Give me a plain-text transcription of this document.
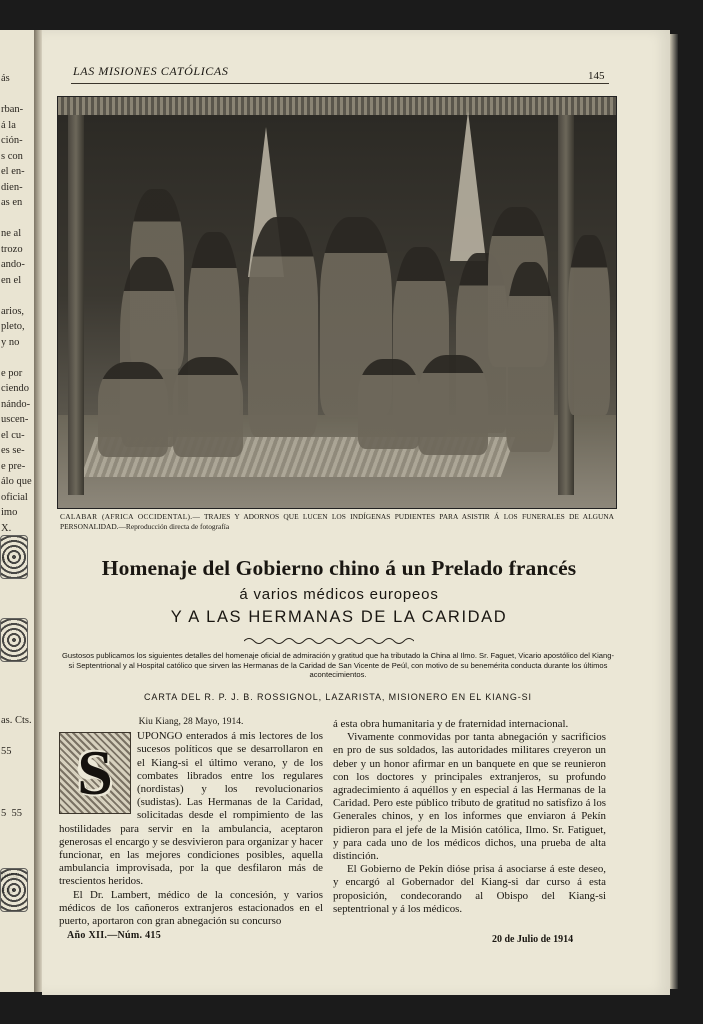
ás
rban-
á la
ción-
s con
el en-
dien-
as en
ne al
trozo
ando-
en el
arios,
pleto,
y no
e por
ciendo
nándo-
uscen-
el cu-
es se-
e pre-
álo que
oficial
imo
X.
as. Cts.
55
5  55
LAS MISIONES CATÓLICAS	145
CALABAR (AFRICA OCCIDENTAL).— TRAJES Y ADORNOS QUE LUCEN LOS INDÍGENAS PUDIENTES PARA ASISTIR Á LOS FUNERALES DE ALGUNA PERSONALIDAD.—Reproducción directa de fotografía
Homenaje del Gobierno chino á un Prelado francés
á varios médicos europeos
Y A LAS HERMANAS DE LA CARIDAD
Gustosos publicamos los siguientes detalles del homenaje oficial de admiración y gratitud que ha tributado la China al Ilmo. Sr. Faguet, Vicario apostólico del Kiang-si Septentrional y al Hospital católico que sirven las Hermanas de la Caridad de San Vicente de Peúl, con motivo de su benemérita conducta durante los últimos acontecimientos.
CARTA DEL R. P. J. B. ROSSIGNOL, LAZARISTA, MISIONERO EN EL KIANG-SI
Kiu Kiang, 28 Mayo, 1914.
S

UPONGO enterados á mis lectores de los sucesos políticos que se desarrollaron en el Kiang-si el último verano, y de los combates librados entre los regulares (nordistas) y los revolucionarios (sudistas). Las Hermanas de la Caridad, solicitadas desde el rompimiento de las hostilidades para servir en la ambulancia, aceptaron generosas el encargo y se desvivieron para organizar y hacer funcionar, en las mejores condiciones posibles, aquella ambulancia improvisada, por la que desfilaron más de trescientos heridos.

El Dr. Lambert, médico de la concesión, y varios médicos de los cañoneros extranjeros estacionados en el puerto, aportaron con gran abnegación su concurso

á esta obra humanitaria y de fraternidad internacional.

Vivamente conmovidas por tanta abnegación y sacrificios en pro de sus soldados, las autoridades militares creyeron un deber y un honor afirmar en un banquete en que se reunieron con los doctores y principales extranjeros, su profundo agradecimiento á aquéllos y en especial á las Hermanas de la Caridad. Pero este público tributo de gratitud no satisfizo á los Generales chinos, y en los informes que enviaron á Pekín pidieron para el jefe de la Misión católica, Ilmo. Sr. Fatiguet, y para cada uno de los médicos dichos, una prueba de alta distinción.

El Gobierno de Pekín dióse prisa á asociarse á este deseo, y encargó al Gobernador del Kiang-si dar curso á esta proposición, condecorando al Obispo del Kiang-si septentrional y á los médicos.

Año XII.—Núm. 415	20 de Julio de 1914
